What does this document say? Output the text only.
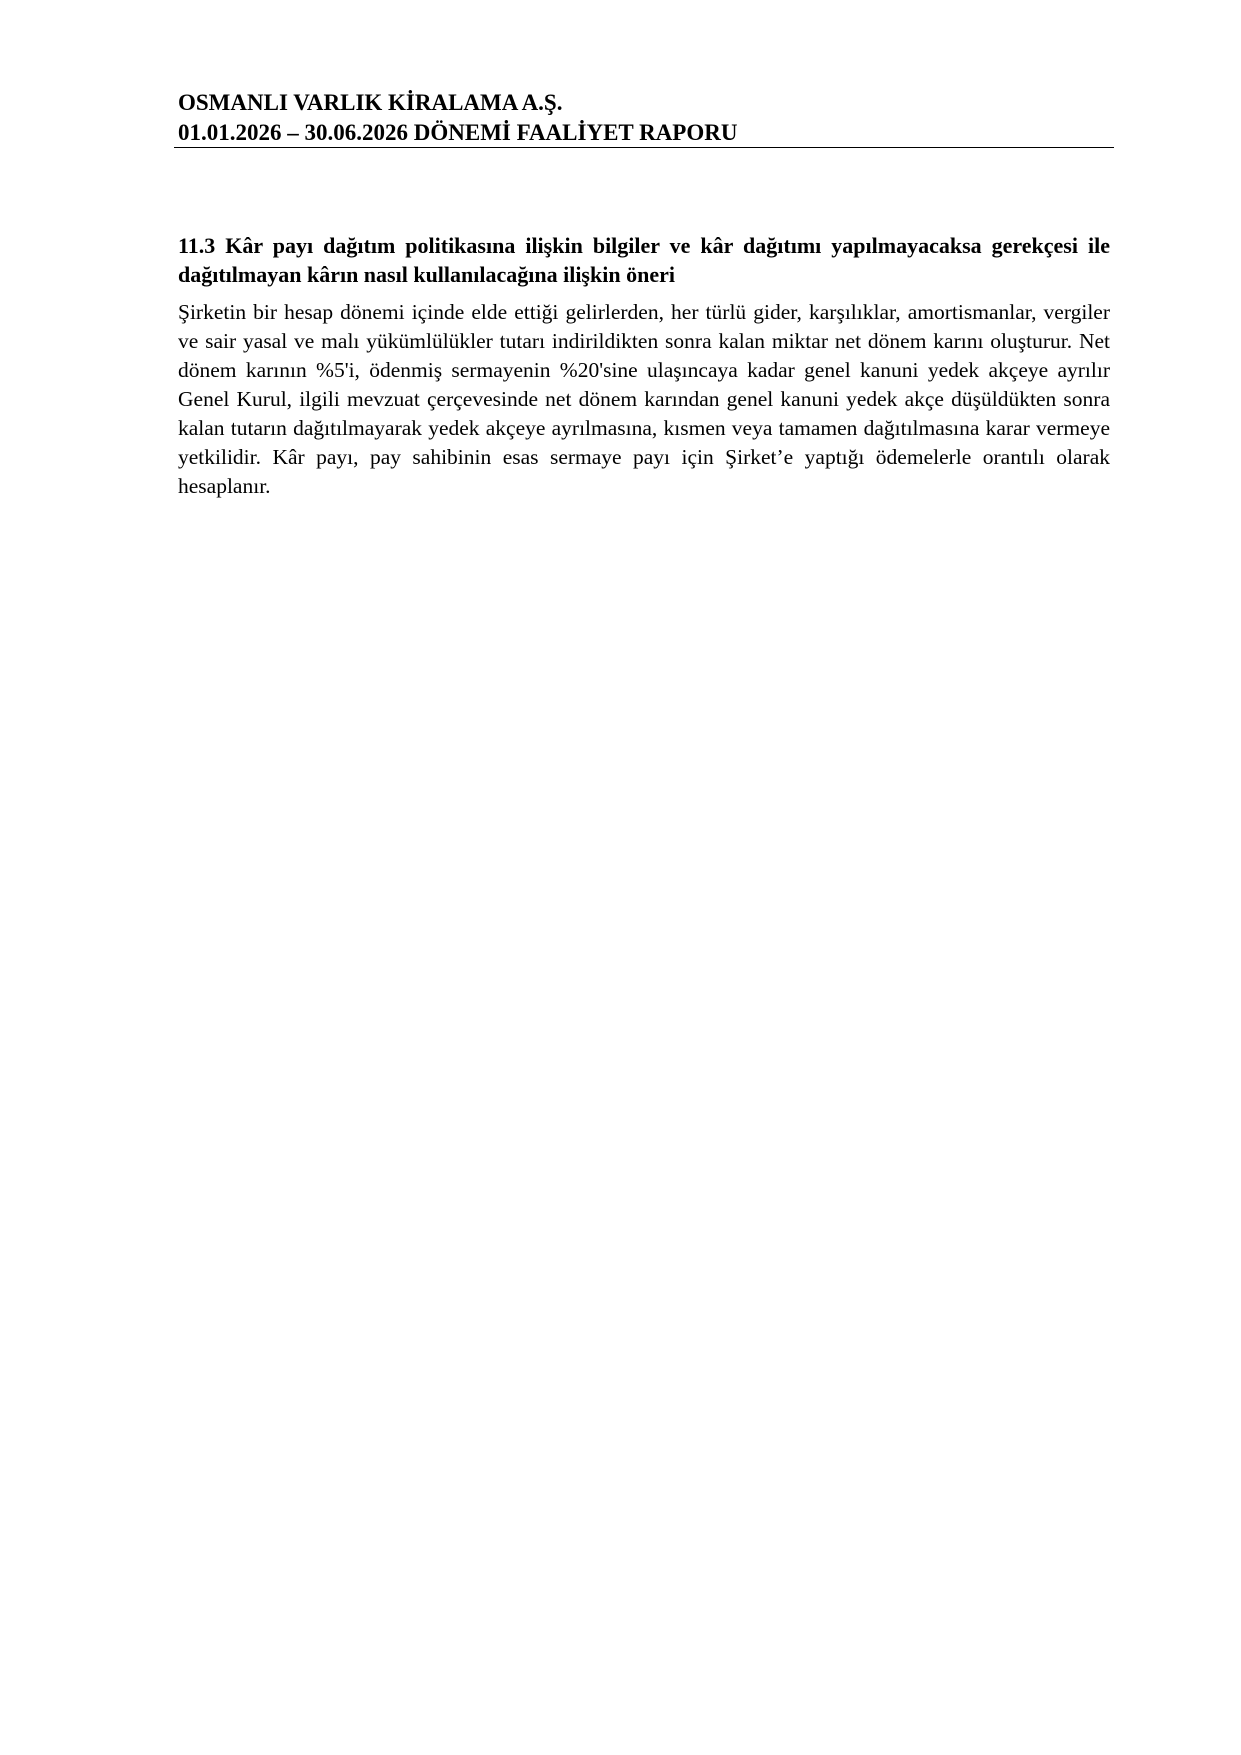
OSMANLI VARLIK KİRALAMA A.Ş.
01.01.2026 – 30.06.2026 DÖNEMİ FAALİYET RAPORU
11.3 Kâr payı dağıtım politikasına ilişkin bilgiler ve kâr dağıtımı yapılmayacaksa gerekçesi ile dağıtılmayan kârın nasıl kullanılacağına ilişkin öneri

Şirketin bir hesap dönemi içinde elde ettiği gelirlerden, her türlü gider, karşılıklar, amortismanlar, vergiler ve sair yasal ve malı yükümlülükler tutarı indirildikten sonra kalan miktar net dönem karını oluşturur. Net dönem karının %5'i, ödenmiş sermayenin %20'sine ulaşıncaya kadar genel kanuni yedek akçeye ayrılır Genel Kurul, ilgili mevzuat çerçevesinde net dönem karından genel kanuni yedek akçe düşüldükten sonra kalan tutarın dağıtılmayarak yedek akçeye ayrılmasına, kısmen veya tamamen dağıtılmasına karar vermeye yetkilidir. Kâr payı, pay sahibinin esas sermaye payı için Şirket’e yaptığı ödemelerle orantılı olarak hesaplanır.
